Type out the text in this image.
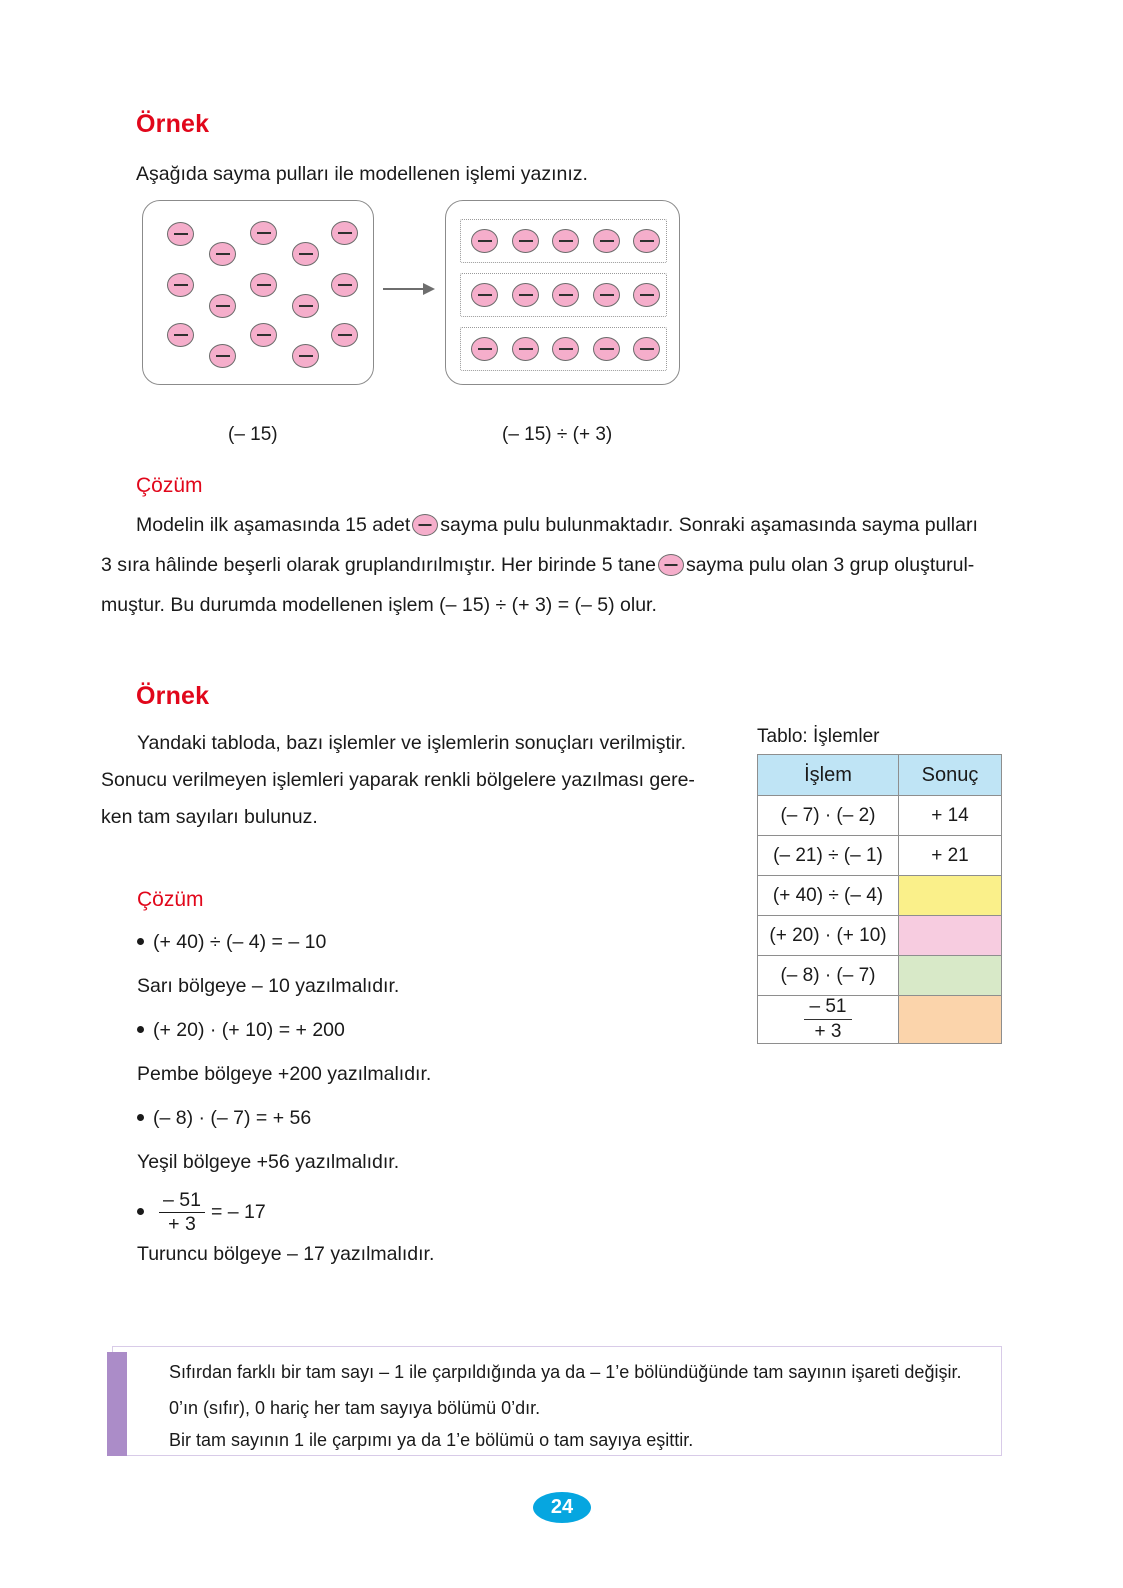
Örnek
Aşağıda sayma pulları ile modellenen işlemi yazınız.
(– 15)	(– 15) ÷ (+ 3)
Çözüm
Modelin ilk aşamasında 15 adet sayma pulu bulunmaktadır. Sonraki aşamasında sayma pulları
3 sıra hâlinde beşerli olarak gruplandırılmıştır. Her birinde 5 tane sayma pulu olan 3 grup oluşturul-
muştur. Bu durumda modellenen işlem (– 15) ÷ (+ 3) = (– 5) olur.
Örnek
Yandaki tabloda, bazı işlemler ve işlemlerin sonuçları verilmiştir.
Sonucu verilmeyen işlemleri yaparak renkli bölgelere yazılması gere-
ken tam sayıları bulunuz.
Tablo: İşlemler
İşlem	Sonuç
(– 7) · (– 2)	+ 14
(– 21) ÷ (– 1)	+ 21
(+ 40) ÷ (– 4)	
(+ 20) · (+ 10)	
(– 8) · (– 7)	

$\frac{- 51}{+ 3}$

Çözüm
(+ 40) ÷ (– 4) = – 10
Sarı bölgeye – 10 yazılmalıdır.
(+ 20) · (+ 10) = + 200
Pembe bölgeye +200 yazılmalıdır.
(– 8) · (– 7) = + 56
Yeşil bölgeye +56 yazılmalıdır.
$\frac{- 51}{+ 3}$ = – 17
Turuncu bölgeye – 17 yazılmalıdır.
Sıfırdan farklı bir tam sayı – 1 ile çarpıldığında ya da – 1’e bölündüğünde tam sayının işareti değişir.
0’ın (sıfır), 0 hariç her tam sayıya bölümü 0’dır.
Bir tam sayının 1 ile çarpımı ya da 1’e bölümü o tam sayıya eşittir.
24
